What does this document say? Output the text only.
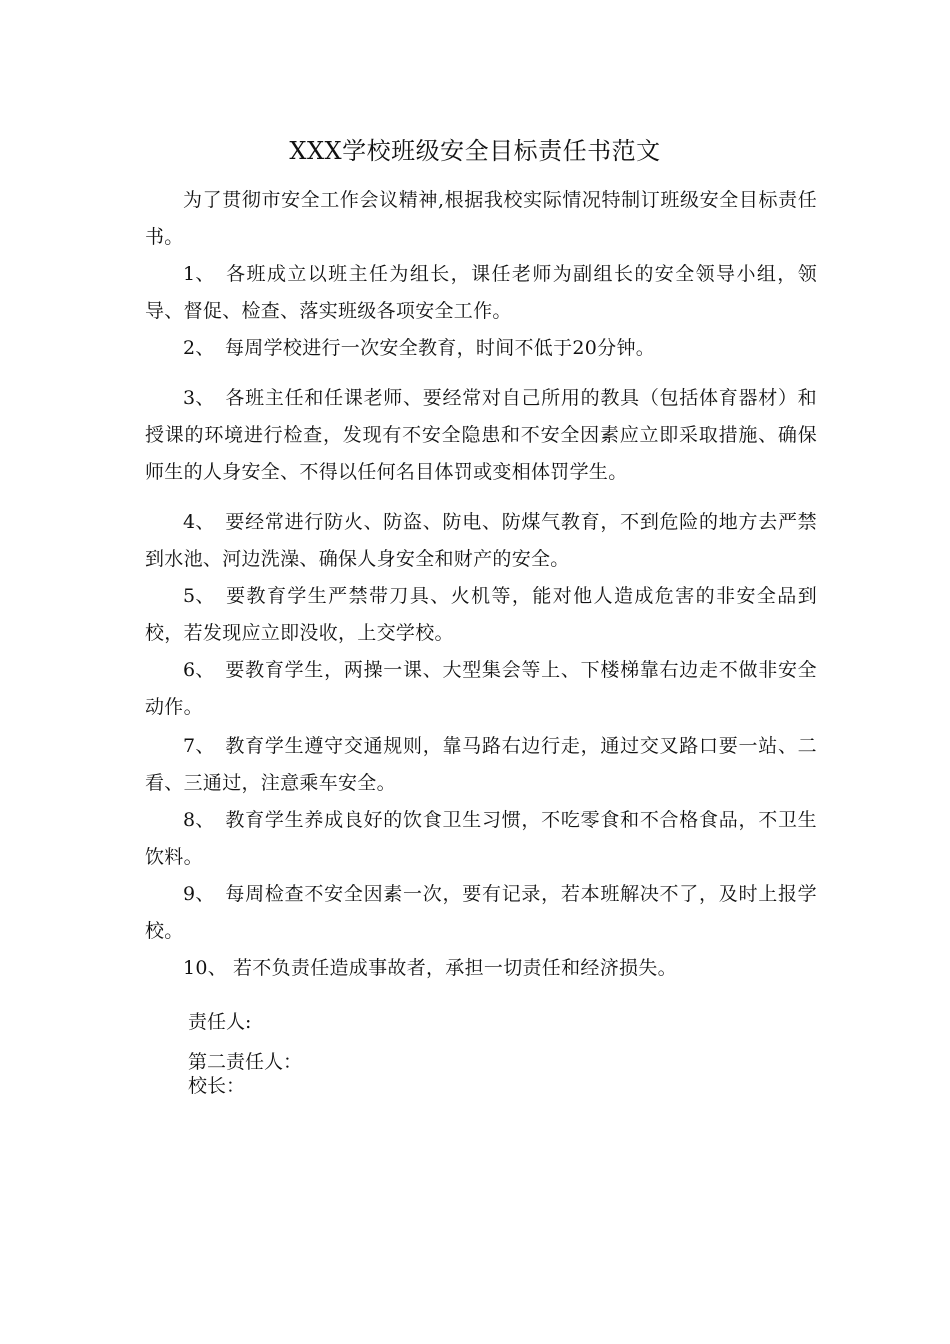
XXX学校班级安全目标责任书范文
为了贯彻市安全工作会议精神,根据我校实际情况特制订班级安全目标责任书。
1、 各班成立以班主任为组长，课任老师为副组长的安全领导小组，领导、督促、检查、落实班级各项安全工作。
2、 每周学校进行一次安全教育，时间不低于20分钟。
3、 各班主任和任课老师、要经常对自己所用的教具（包括体育器材）和授课的环境进行检查，发现有不安全隐患和不安全因素应立即采取措施、确保师生的人身安全、不得以任何名目体罚或变相体罚学生。
4、 要经常进行防火、防盗、防电、防煤气教育，不到危险的地方去严禁到水池、河边洗澡、确保人身安全和财产的安全。
5、 要教育学生严禁带刀具、火机等，能对他人造成危害的非安全品到校，若发现应立即没收，上交学校。
6、 要教育学生，两操一课、大型集会等上、下楼梯靠右边走不做非安全动作。
7、 教育学生遵守交通规则，靠马路右边行走，通过交叉路口要一站、二看、三通过，注意乘车安全。
8、 教育学生养成良好的饮食卫生习惯，不吃零食和不合格食品，不卫生饮料。
9、 每周检查不安全因素一次，要有记录，若本班解决不了，及时上报学校。
10、 若不负责任造成事故者，承担一切责任和经济损失。
责任人:
第二责任人：
校长：
